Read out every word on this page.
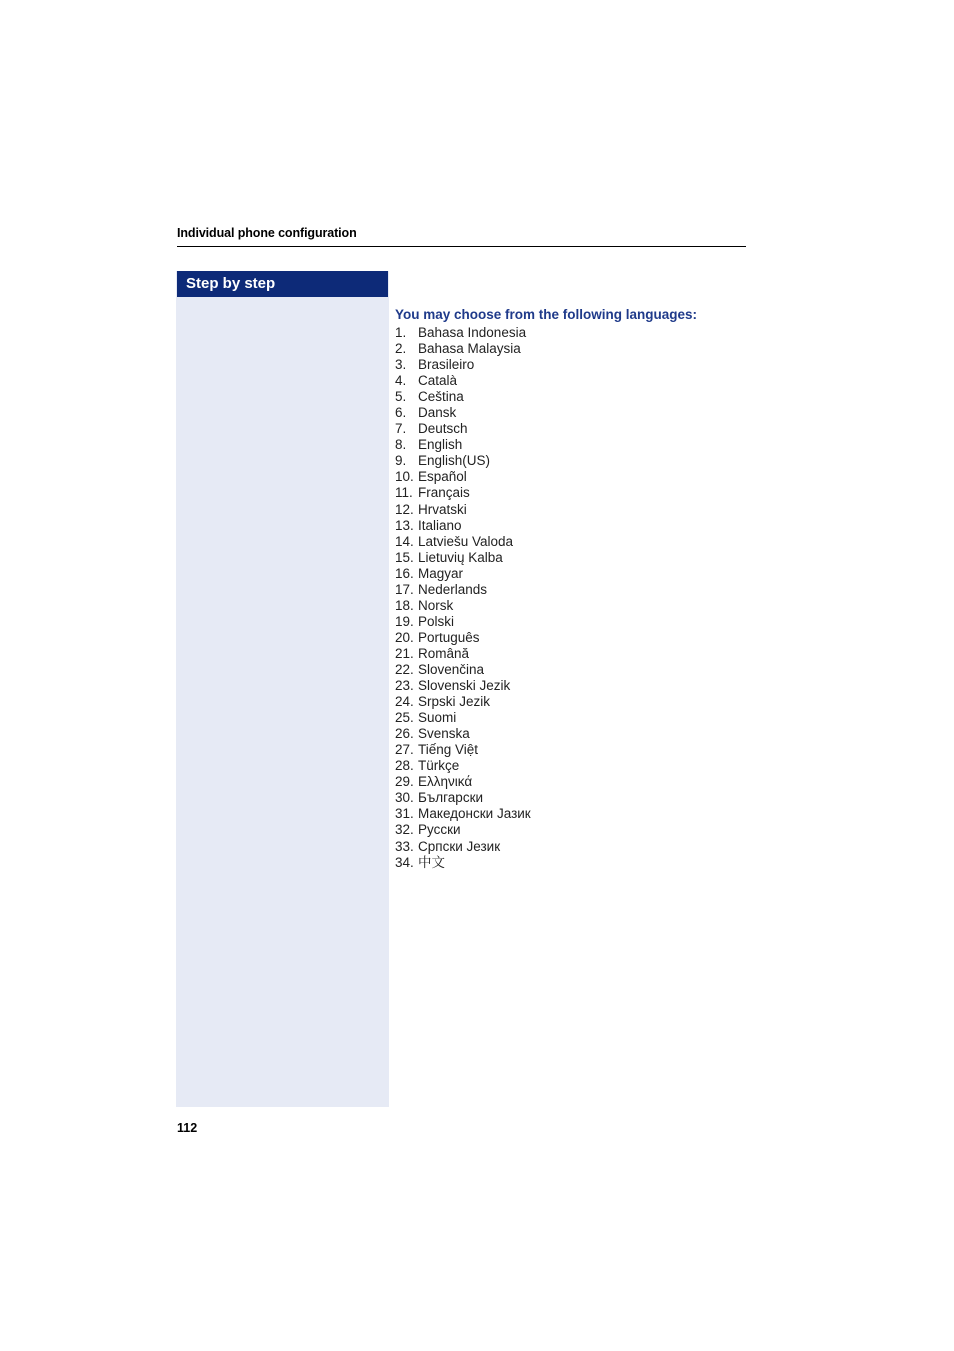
Individual phone configuration
Step by step
You may choose from the following languages:
1. Bahasa Indonesia
2. Bahasa Malaysia
3. Brasileiro
4. Català
5. Ceština
6. Dansk
7. Deutsch
8. English
9. English(US)
10. Español
11. Français
12. Hrvatski
13. Italiano
14. Latviešu Valoda
15. Lietuvių Kalba
16. Magyar
17. Nederlands
18. Norsk
19. Polski
20. Português
21. Română
22. Slovenčina
23. Slovenski Jezik
24. Srpski Jezik
25. Suomi
26. Svenska
27. Tiếng Việt
28. Türkçe
29. Ελληνικά
30. Български
31. Македонски Јазик
32. Русски
33. Српски Језик
34. 中文
112
